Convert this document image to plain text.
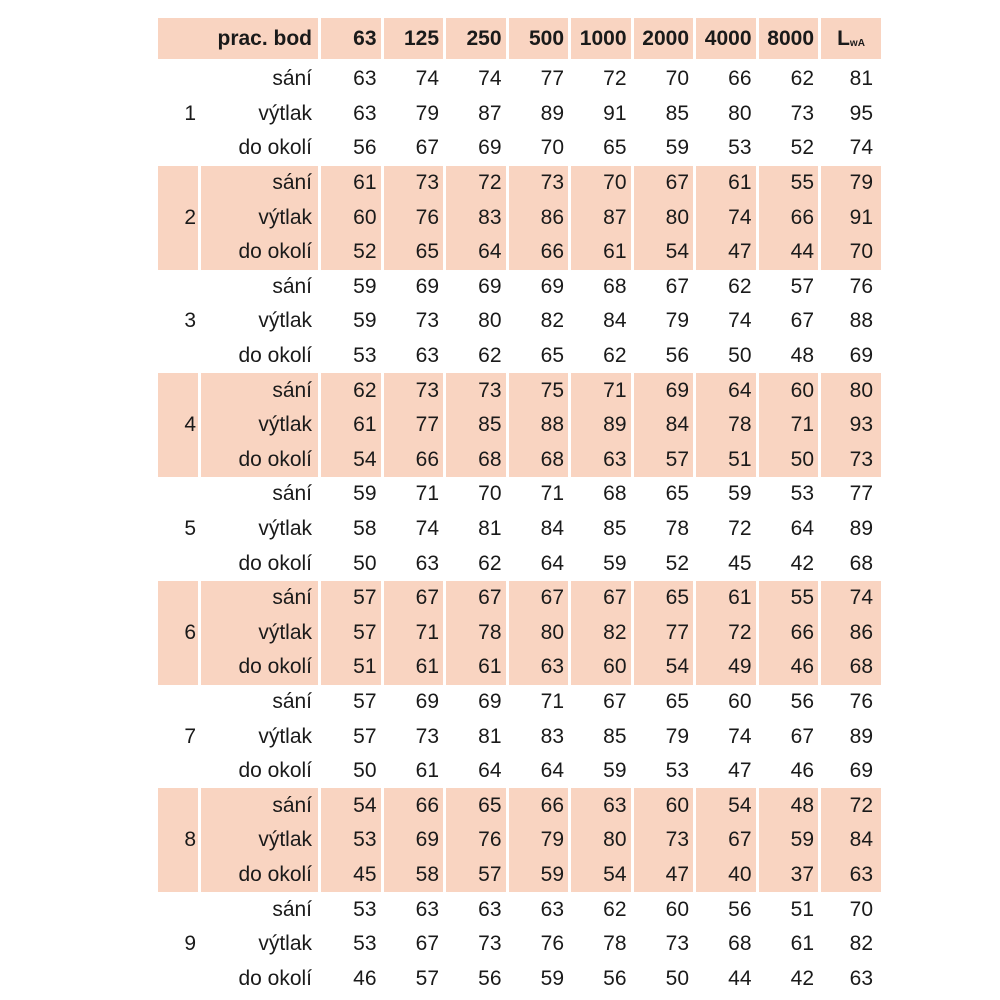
prac. bod		63	125	250	500	1000	2000	4000	8000	LwA
	sání	63	74	74	77	72	70	66	62	81
1	výtlak	63	79	87	89	91	85	80	73	95
	do okolí	56	67	69	70	65	59	53	52	74
	sání	61	73	72	73	70	67	61	55	79
2	výtlak	60	76	83	86	87	80	74	66	91
	do okolí	52	65	64	66	61	54	47	44	70
	sání	59	69	69	69	68	67	62	57	76
3	výtlak	59	73	80	82	84	79	74	67	88
	do okolí	53	63	62	65	62	56	50	48	69
	sání	62	73	73	75	71	69	64	60	80
4	výtlak	61	77	85	88	89	84	78	71	93
	do okolí	54	66	68	68	63	57	51	50	73
	sání	59	71	70	71	68	65	59	53	77
5	výtlak	58	74	81	84	85	78	72	64	89
	do okolí	50	63	62	64	59	52	45	42	68
	sání	57	67	67	67	67	65	61	55	74
6	výtlak	57	71	78	80	82	77	72	66	86
	do okolí	51	61	61	63	60	54	49	46	68
	sání	57	69	69	71	67	65	60	56	76
7	výtlak	57	73	81	83	85	79	74	67	89
	do okolí	50	61	64	64	59	53	47	46	69
	sání	54	66	65	66	63	60	54	48	72
8	výtlak	53	69	76	79	80	73	67	59	84
	do okolí	45	58	57	59	54	47	40	37	63
	sání	53	63	63	63	62	60	56	51	70
9	výtlak	53	67	73	76	78	73	68	61	82
	do okolí	46	57	56	59	56	50	44	42	63
